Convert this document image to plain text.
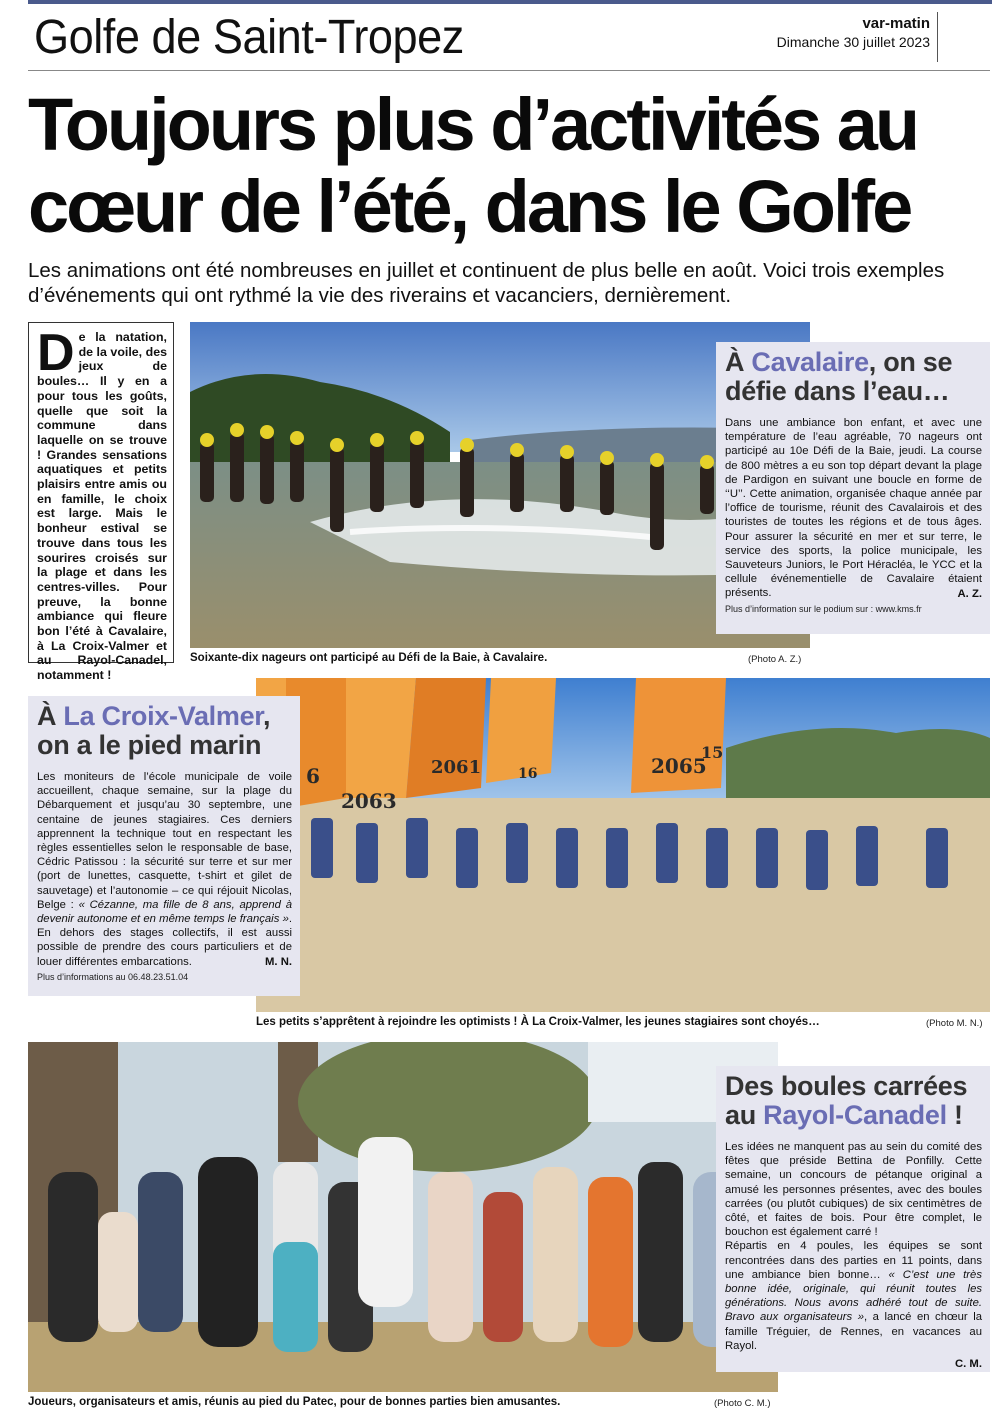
Golfe de Saint-Tropez	var-matin
Dimanche 30 juillet 2023
Toujours plus d’activités au cœur de l’été, dans le Golfe

Les animations ont été nombreuses en juillet et continuent de plus belle en août. Voici trois exemples d’événements qui ont rythmé la vie des riverains et vacanciers, dernièrement.

De la natation, de la voile, des jeux de boules… Il y en a pour tous les goûts, quelle que soit la commune dans laquelle on se trouve ! Grandes sensations aquatiques et petits plaisirs entre amis ou en famille, le choix est large. Mais le bonheur estival se trouve dans tous les sourires croisés sur la plage et dans les centres-villes. Pour preuve, la bonne ambiance qui fleure bon l’été à Cavalaire, à La Croix-Valmer et au Rayol-Canadel, notamment !
Soixante-dix nageurs ont participé au Défi de la Baie, à Cavalaire.	(Photo A. Z.)
À Cavalaire, on se défie dans l’eau…
Dans une ambiance bon enfant, et avec une température de l’eau agréable, 70 nageurs ont participé au 10e Défi de la Baie, jeudi. La course de 800 mètres a eu son top départ devant la plage de Pardigon en suivant une boucle en forme de ‘‘U’’. Cette animation, organisée chaque année par l’office de tourisme, réunit des Cavalairois et des touristes de toutes les régions et de tous âges. Pour assurer la sécurité en mer et sur terre, le service des sports, la police municipale, les Sauveteurs Juniors, le Port Héracléa, le YCC et la cellule événementielle de Cavalaire étaient présents.	A. Z.
Plus d’information sur le podium sur : www.kms.fr
2063
2061	2065
15
16
6
Les petits s’apprêtent à rejoindre les optimists ! À La Croix-Valmer, les jeunes stagiaires sont choyés…	(Photo M. N.)
À La Croix-Valmer, on a le pied marin
Les moniteurs de l’école municipale de voile accueillent, chaque semaine, sur la plage du Débarquement et jusqu’au 30 septembre, une centaine de jeunes stagiaires. Ces derniers apprennent la technique tout en respectant les règles essentielles selon le responsable de base, Cédric Patissou : la sécurité sur terre et sur mer (port de lunettes, casquette, t-shirt et gilet de sauvetage) et l’autonomie – ce qui réjouit Nicolas, Belge : « Cézanne, ma fille de 8 ans, apprend à devenir autonome et en même temps le français ». En dehors des stages collectifs, il est aussi possible de prendre des cours particuliers et de louer différentes embarcations.	M. N.
Plus d’informations au 06.48.23.51.04
Joueurs, organisateurs et amis, réunis au pied du Patec, pour de bonnes parties bien amusantes.	(Photo C. M.)
Des boules carrées au Rayol-Canadel !
Les idées ne manquent pas au sein du comité des fêtes que préside Bettina de Ponfilly. Cette semaine, un concours de pétanque original a amusé les personnes présentes, avec des boules carrées (ou plutôt cubiques) de six centimètres de côté, et faites de bois. Pour être complet, le bouchon est également carré !
Répartis en 4 poules, les équipes se sont rencontrées dans des parties en 11 points, dans une ambiance bien bonne… « C’est une très bonne idée, originale, qui réunit toutes les générations. Nous avons adhéré tout de suite. Bravo aux organisateurs », a lancé en chœur la famille Tréguier, de Rennes, en vacances au Rayol.
C. M.
